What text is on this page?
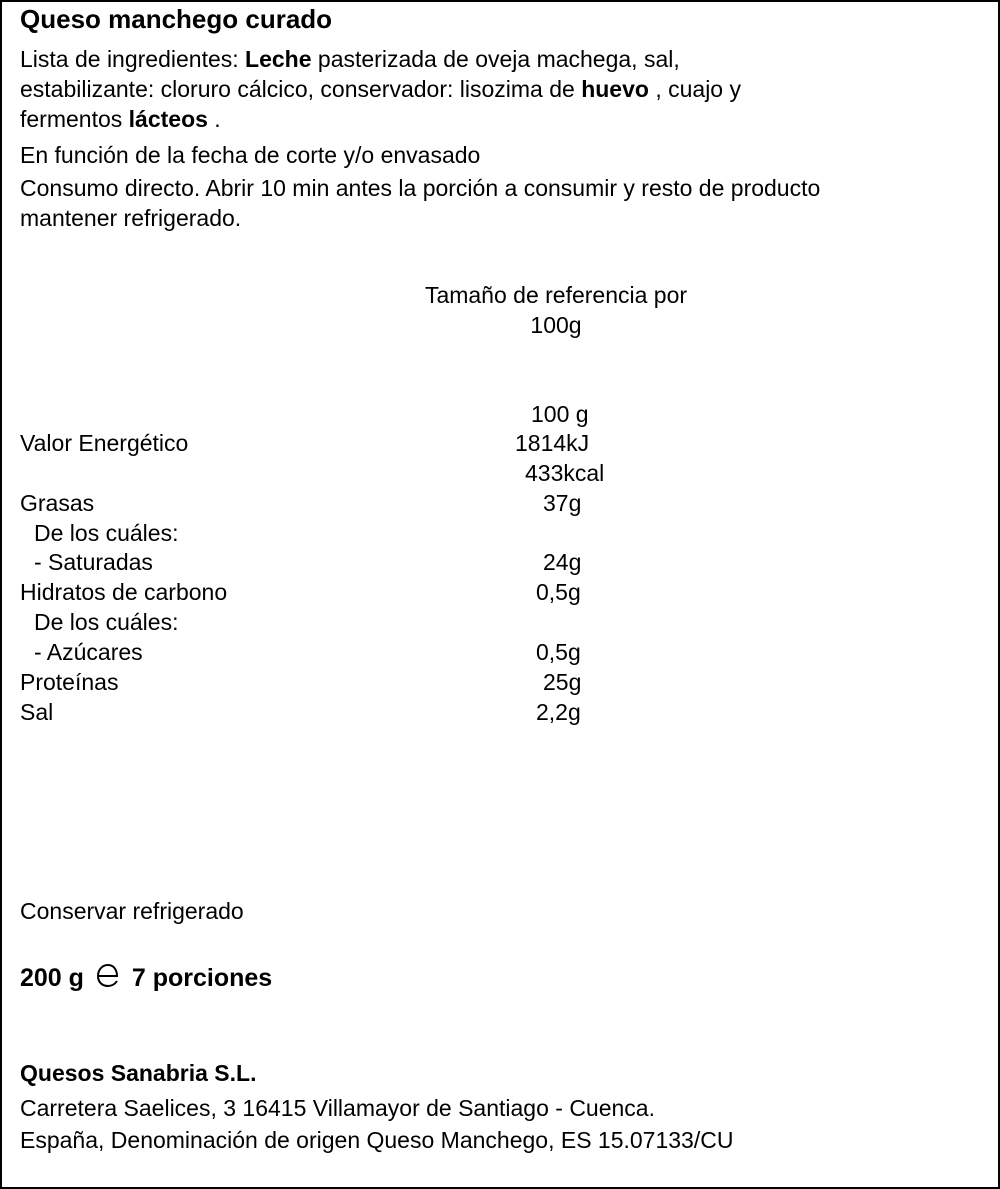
Queso manchego curado
Lista de ingredientes: Leche pasterizada de oveja machega, sal,
estabilizante: cloruro cálcico, conservador: lisozima de huevo , cuajo y
fermentos lácteos .
En función de la fecha de corte y/o envasado
Consumo directo. Abrir 10 min antes la porción a consumir y resto de producto
mantener refrigerado.
Tamaño de referencia por
100g
100 g
Valor Energético	1814kJ
433kcal
Grasas	37g
De los cuáles:
- Saturadas	24g
Hidratos de carbono	0,5g
De los cuáles:
- Azúcares	0,5g
Proteínas	25g
Sal	2,2g
Conservar refrigerado
200 g 7 porciones
Quesos Sanabria S.L.
Carretera Saelices, 3 16415 Villamayor de Santiago - Cuenca.
España, Denominación de origen Queso Manchego, ES 15.07133/CU
